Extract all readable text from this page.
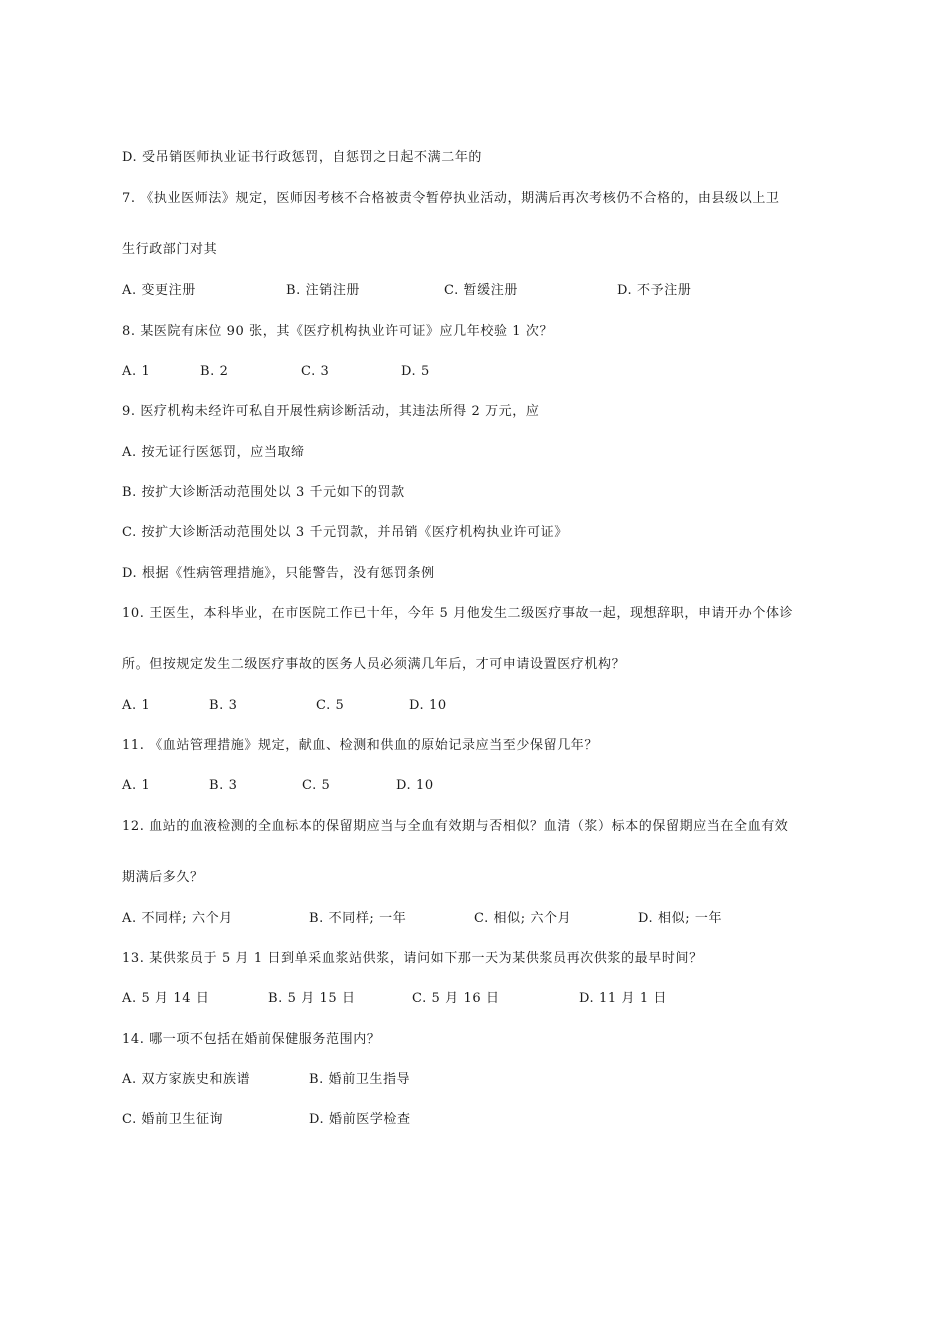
D. 受吊销医师执业证书行政惩罚，自惩罚之日起不满二年的
7. 《执业医师法》规定，医师因考核不合格被责令暂停执业活动，期满后再次考核仍不合格的，由县级以上卫
生行政部门对其
A. 变更注册	B. 注销注册	C. 暂缓注册	D. 不予注册
8. 某医院有床位 90 张，其《医疗机构执业许可证》应几年校验 1 次？
A. 1	B. 2	C. 3	D. 5
9. 医疗机构未经许可私自开展性病诊断活动，其违法所得 2 万元，应
A. 按无证行医惩罚，应当取缔
B. 按扩大诊断活动范围处以 3 千元如下的罚款
C. 按扩大诊断活动范围处以 3 千元罚款，并吊销《医疗机构执业许可证》
D. 根据《性病管理措施》，只能警告，没有惩罚条例
10. 王医生，本科毕业，在市医院工作已十年，今年 5 月他发生二级医疗事故一起，现想辞职，申请开办个体诊
所。但按规定发生二级医疗事故的医务人员必须满几年后，才可申请设置医疗机构？
A. 1	B. 3	C. 5	D. 10
11. 《血站管理措施》规定，献血、检测和供血的原始记录应当至少保留几年？
A. 1	B. 3	C. 5	D. 10
12. 血站的血液检测的全血标本的保留期应当与全血有效期与否相似？血清（浆）标本的保留期应当在全血有效
期满后多久？
A. 不同样; 六个月	B. 不同样; 一年	C. 相似; 六个月	D. 相似; 一年
13. 某供浆员于 5 月 1 日到单采血浆站供浆，请问如下那一天为某供浆员再次供浆的最早时间？
A. 5 月 14 日	B. 5 月 15 日	C. 5 月 16 日	D. 11 月 1 日
14. 哪一项不包括在婚前保健服务范围内？
A. 双方家族史和族谱	B. 婚前卫生指导
C. 婚前卫生征询	D. 婚前医学检查
